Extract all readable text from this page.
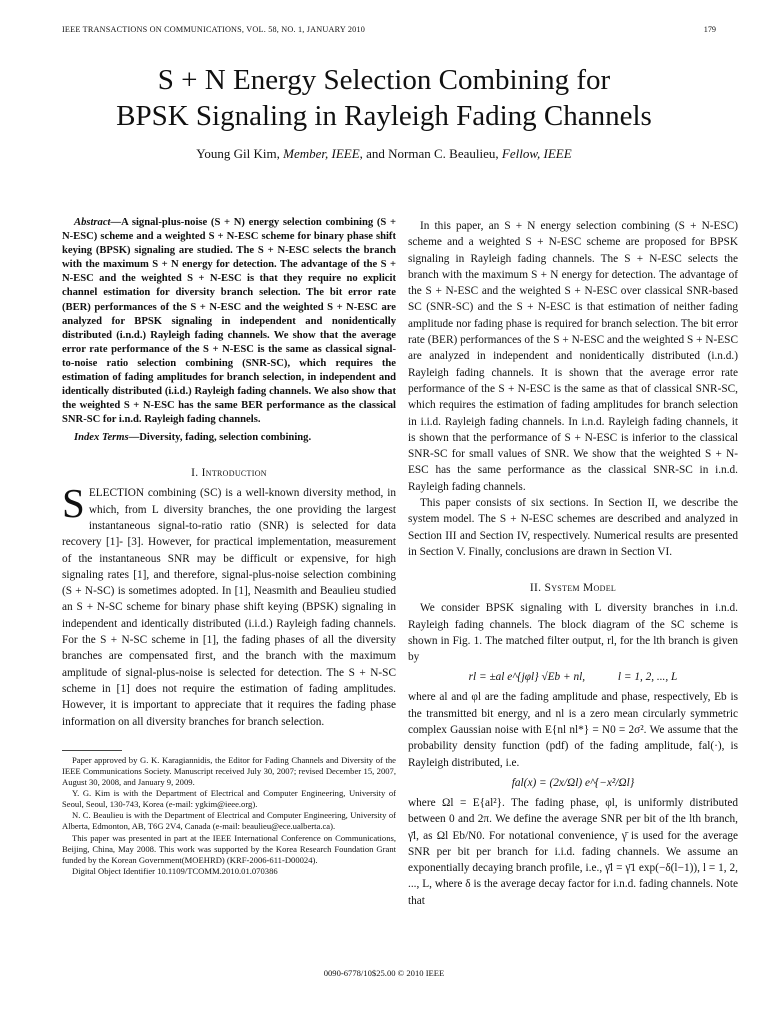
IEEE TRANSACTIONS ON COMMUNICATIONS, VOL. 58, NO. 1, JANUARY 2010	179
S + N Energy Selection Combining for
BPSK Signaling in Rayleigh Fading Channels
Young Gil Kim, Member, IEEE, and Norman C. Beaulieu, Fellow, IEEE

Abstract—A signal-plus-noise (S + N) energy selection combining (S + N-ESC) scheme and a weighted S + N-ESC scheme for binary phase shift keying (BPSK) signaling are studied. The S + N-ESC selects the branch with the maximum S + N energy for detection. The advantage of the S + N-ESC and the weighted S + N-ESC is that they require no explicit channel estimation for diversity branch selection. The bit error rate (BER) performances of the S + N-ESC and the weighted S + N-ESC are analyzed for BPSK signaling in independent and nonidentically distributed (i.n.d.) Rayleigh fading channels. We show that the average error rate performance of the S + N-ESC is the same as classical signal-to-noise ratio selection combining (SNR-SC), which requires the estimation of fading amplitudes for branch selection, in independent and identically distributed (i.i.d.) Rayleigh fading channels. We also show that the weighted S + N-ESC has the same BER performance as the classical SNR-SC for i.n.d. Rayleigh fading channels.

Index Terms—Diversity, fading, selection combining.

I. Introduction

SELECTION combining (SC) is a well-known diversity method, in which, from L diversity branches, the one providing the largest instantaneous signal-to-ratio ratio (SNR) is selected for data recovery [1]- [3]. However, for practical implementation, measurement of the instantaneous SNR may be difficult or expensive, for high signaling rates [1], and therefore, signal-plus-noise selection combining (S + N-SC) is sometimes adopted. In [1], Neasmith and Beaulieu studied an S + N-SC scheme for binary phase shift keying (BPSK) signaling in independent and identically distributed (i.i.d.) Rayleigh fading channels. For the S + N-SC scheme in [1], the fading phases of all the diversity branches are compensated first, and the branch with the maximum amplitude of signal-plus-noise is selected for detection. The S + N-SC scheme in [1] does not require the estimation of fading amplitudes. However, it is important to appreciate that it requires the fading phase information on all diversity branches for branch selection.

Paper approved by G. K. Karagiannidis, the Editor for Fading Channels and Diversity of the IEEE Communications Society. Manuscript received July 30, 2007; revised December 15, 2007, August 30, 2008, and January 9, 2009.

Y. G. Kim is with the Department of Electrical and Computer Engineering, University of Seoul, Seoul, 130-743, Korea (e-mail: ygkim@ieee.org).

N. C. Beaulieu is with the Department of Electrical and Computer Engineering, University of Alberta, Edmonton, AB, T6G 2V4, Canada (e-mail: beaulieu@ece.ualberta.ca).

This paper was presented in part at the IEEE International Conference on Communications, Beijing, China, May 2008. This work was supported by the Korea Research Foundation Grant funded by the Korean Government(MOEHRD) (KRF-2006-611-D00024).

Digital Object Identifier 10.1109/TCOMM.2010.01.070386

In this paper, an S + N energy selection combining (S + N-ESC) scheme and a weighted S + N-ESC scheme are proposed for BPSK signaling in Rayleigh fading channels. The S + N-ESC selects the branch with the maximum S + N energy for detection. The advantage of the S + N-ESC and the weighted S + N-ESC over classical SNR-based SC (SNR-SC) and the S + N-ESC is that estimation of neither fading amplitude nor fading phase is required for branch selection. The bit error rate (BER) performances of the S + N-ESC and the weighted S + N-ESC are analyzed in independent and nonidentically distributed (i.n.d.) Rayleigh fading channels. It is shown that the average error rate performance of the S + N-ESC is the same as that of classical SNR-SC, which requires the estimation of fading amplitudes for branch selection in i.i.d. Rayleigh fading channels. In i.n.d. Rayleigh fading channels, it is shown that the performance of S + N-ESC is inferior to the classical SNR-SC for small values of SNR. We show that the weighted S + N-ESC has the same performance as the classical SNR-SC in i.n.d. Rayleigh fading channels.

This paper consists of six sections. In Section II, we describe the system model. The S + N-ESC schemes are described and analyzed in Section III and Section IV, respectively. Numerical results are presented in Section V. Finally, conclusions are drawn in Section VI.

II. System Model

We consider BPSK signaling with L diversity branches in i.n.d. Rayleigh fading channels. The block diagram of the SC scheme is shown in Fig. 1. The matched filter output, rl, for the lth branch is given by

rl = ±al e^{jφl} √Eb + nl,	l = 1, 2, ..., L

where al and φl are the fading amplitude and phase, respectively, Eb is the transmitted bit energy, and nl is a zero mean circularly symmetric complex Gaussian noise with E{nl nl*} = N0 = 2σ². We assume that the probability density function (pdf) of the fading amplitude, fal(·), is Rayleigh distributed, i.e.

fal(x) = (2x/Ωl) e^{−x²/Ωl}

where Ωl = E{al²}. The fading phase, φl, is uniformly distributed between 0 and 2π. We define the average SNR per bit of the lth branch, γ̄l, as Ωl Eb/N0. For notational convenience, γ̄ is used for the average SNR per bit per branch for i.i.d. fading channels. We assume an exponentially decaying branch profile, i.e., γ̄l = γ̄1 exp(−δ(l−1)), l = 1, 2, ..., L, where δ is the average decay factor for i.n.d. fading channels. Note that

0090-6778/10$25.00 © 2010 IEEE
